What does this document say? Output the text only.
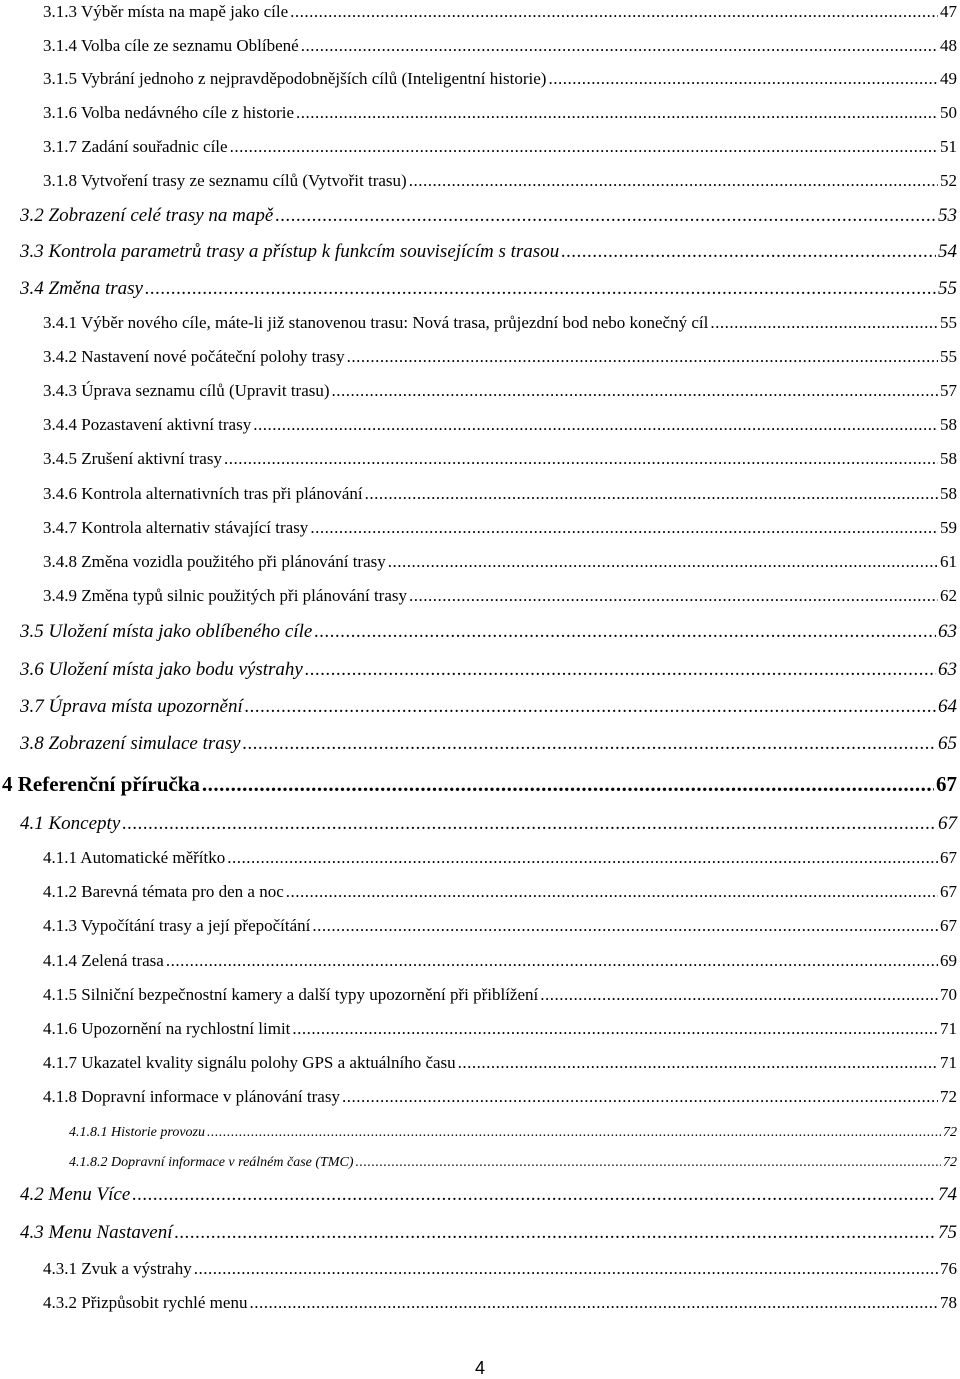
3.1.3 Výběr místa na mapě jako cíle .....	47
3.1.4 Volba cíle ze seznamu Oblíbené .....	48
3.1.5 Vybrání jednoho z nejpravděpodobnějších cílů (Inteligentní historie) .....	49
3.1.6 Volba nedávného cíle z historie .....	50
3.1.7 Zadání souřadnic cíle .....	51
3.1.8 Vytvoření trasy ze seznamu cílů (Vytvořit trasu) .....	52
3.2 Zobrazení celé trasy na mapě .....	53
3.3 Kontrola parametrů trasy a přístup k funkcím souvisejícím s trasou .....	54
3.4 Změna trasy .....	55
3.4.1 Výběr nového cíle, máte-li již stanovenou trasu: Nová trasa, průjezdní bod nebo konečný cíl .....	55
3.4.2 Nastavení nové počáteční polohy trasy .....	55
3.4.3 Úprava seznamu cílů (Upravit trasu) .....	57
3.4.4 Pozastavení aktivní trasy .....	58
3.4.5 Zrušení aktivní trasy .....	58
3.4.6 Kontrola alternativních tras při plánování .....	58
3.4.7 Kontrola alternativ stávající trasy .....	59
3.4.8 Změna vozidla použitého při plánování trasy .....	61
3.4.9 Změna typů silnic použitých při plánování trasy .....	62
3.5 Uložení místa jako oblíbeného cíle .....	63
3.6 Uložení místa jako bodu výstrahy .....	63
3.7 Úprava místa upozornění .....	64
3.8 Zobrazení simulace trasy .....	65
4 Referenční příručka .....	67
4.1 Koncepty .....	67
4.1.1 Automatické měřítko .....	67
4.1.2 Barevná témata pro den a noc .....	67
4.1.3 Vypočítání trasy a její přepočítání .....	67
4.1.4 Zelená trasa .....	69
4.1.5 Silniční bezpečnostní kamery a další typy upozornění při přiblížení .....	70
4.1.6 Upozornění na rychlostní limit .....	71
4.1.7 Ukazatel kvality signálu polohy GPS a aktuálního času .....	71
4.1.8 Dopravní informace v plánování trasy .....	72
4.1.8.1 Historie provozu .....	72
4.1.8.2 Dopravní informace v reálném čase (TMC) .....	72
4.2 Menu Více .....	74
4.3 Menu Nastavení .....	75
4.3.1 Zvuk a výstrahy .....	76
4.3.2 Přizpůsobit rychlé menu .....	78
4
